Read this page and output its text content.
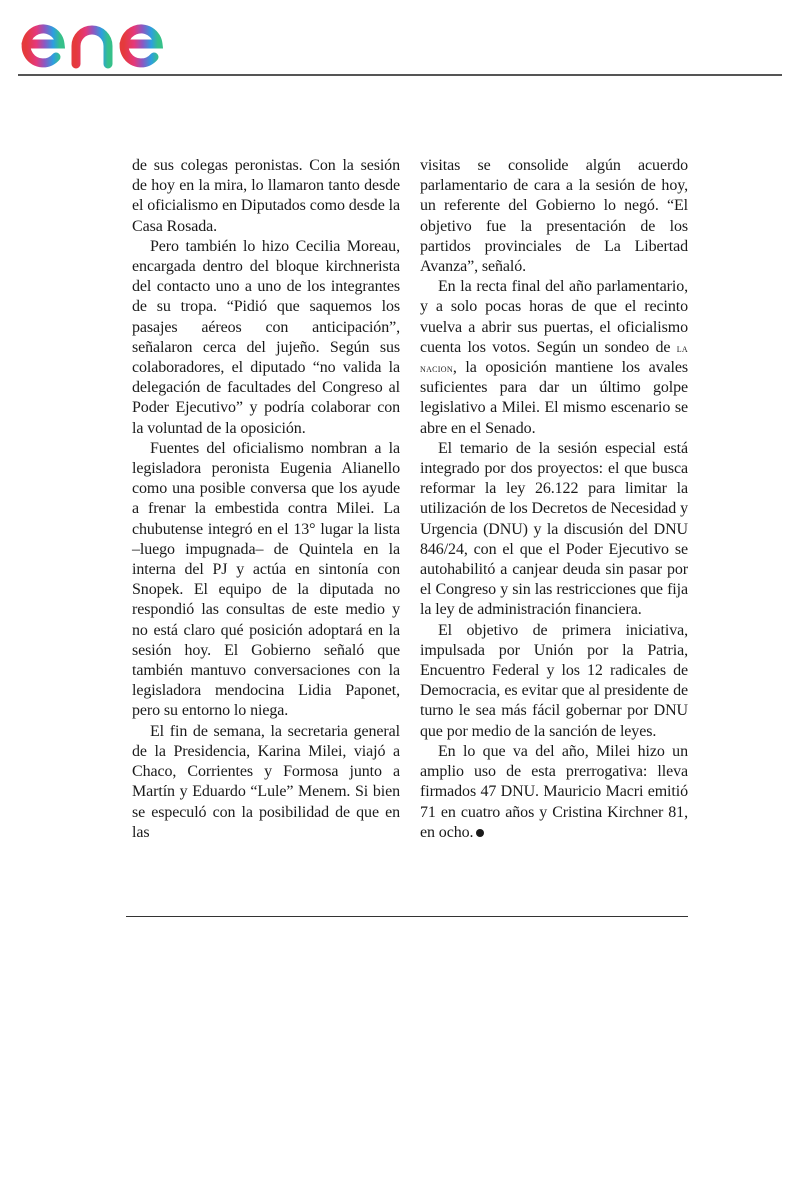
de sus colegas peronistas. Con la sesión de hoy en la mira, lo llamaron tanto desde el oficialismo en Diputados como desde la Casa Rosada.

Pero también lo hizo Cecilia Moreau, encargada dentro del bloque kirchnerista del contacto uno a uno de los integrantes de su tropa. “Pidió que saquemos los pasajes aéreos con anticipación”, señalaron cerca del jujeño. Según sus colaboradores, el diputado “no valida la delegación de facultades del Congreso al Poder Ejecutivo” y podría colaborar con la voluntad de la oposición.

Fuentes del oficialismo nombran a la legisladora peronista Eugenia Alianello como una posible conversa que los ayude a frenar la embestida contra Milei. La chubutense integró en el 13° lugar la lista –luego impugnada– de Quintela en la interna del PJ y actúa en sintonía con Snopek. El equipo de la diputada no respondió las consultas de este medio y no está claro qué posición adoptará en la sesión hoy. El Gobierno señaló que también mantuvo conversaciones con la legisladora mendocina Lidia Paponet, pero su entorno lo niega.

El fin de semana, la secretaria general de la Presidencia, Karina Milei, viajó a Chaco, Corrientes y Formosa junto a Martín y Eduardo “Lule” Menem. Si bien se especuló con la posibilidad de que en las

visitas se consolide algún acuerdo parlamentario de cara a la sesión de hoy, un referente del Gobierno lo negó. “El objetivo fue la presentación de los partidos provinciales de La Libertad Avanza”, señaló.

En la recta final del año parlamentario, y a solo pocas horas de que el recinto vuelva a abrir sus puertas, el oficialismo cuenta los votos. Según un sondeo de la nacion, la oposición mantiene los avales suficientes para dar un último golpe legislativo a Milei. El mismo escenario se abre en el Senado.

El temario de la sesión especial está integrado por dos proyectos: el que busca reformar la ley 26.122 para limitar la utilización de los Decretos de Necesidad y Urgencia (DNU) y la discusión del DNU 846/24, con el que el Poder Ejecutivo se autohabilitó a canjear deuda sin pasar por el Congreso y sin las restricciones que fija la ley de administración financiera.

El objetivo de primera iniciativa, impulsada por Unión por la Patria, Encuentro Federal y los 12 radicales de Democracia, es evitar que al presidente de turno le sea más fácil gobernar por DNU que por medio de la sanción de leyes.

En lo que va del año, Milei hizo un amplio uso de esta prerrogativa: lleva firmados 47 DNU. Mauricio Macri emitió 71 en cuatro años y Cristina Kirchner 81, en ocho.
